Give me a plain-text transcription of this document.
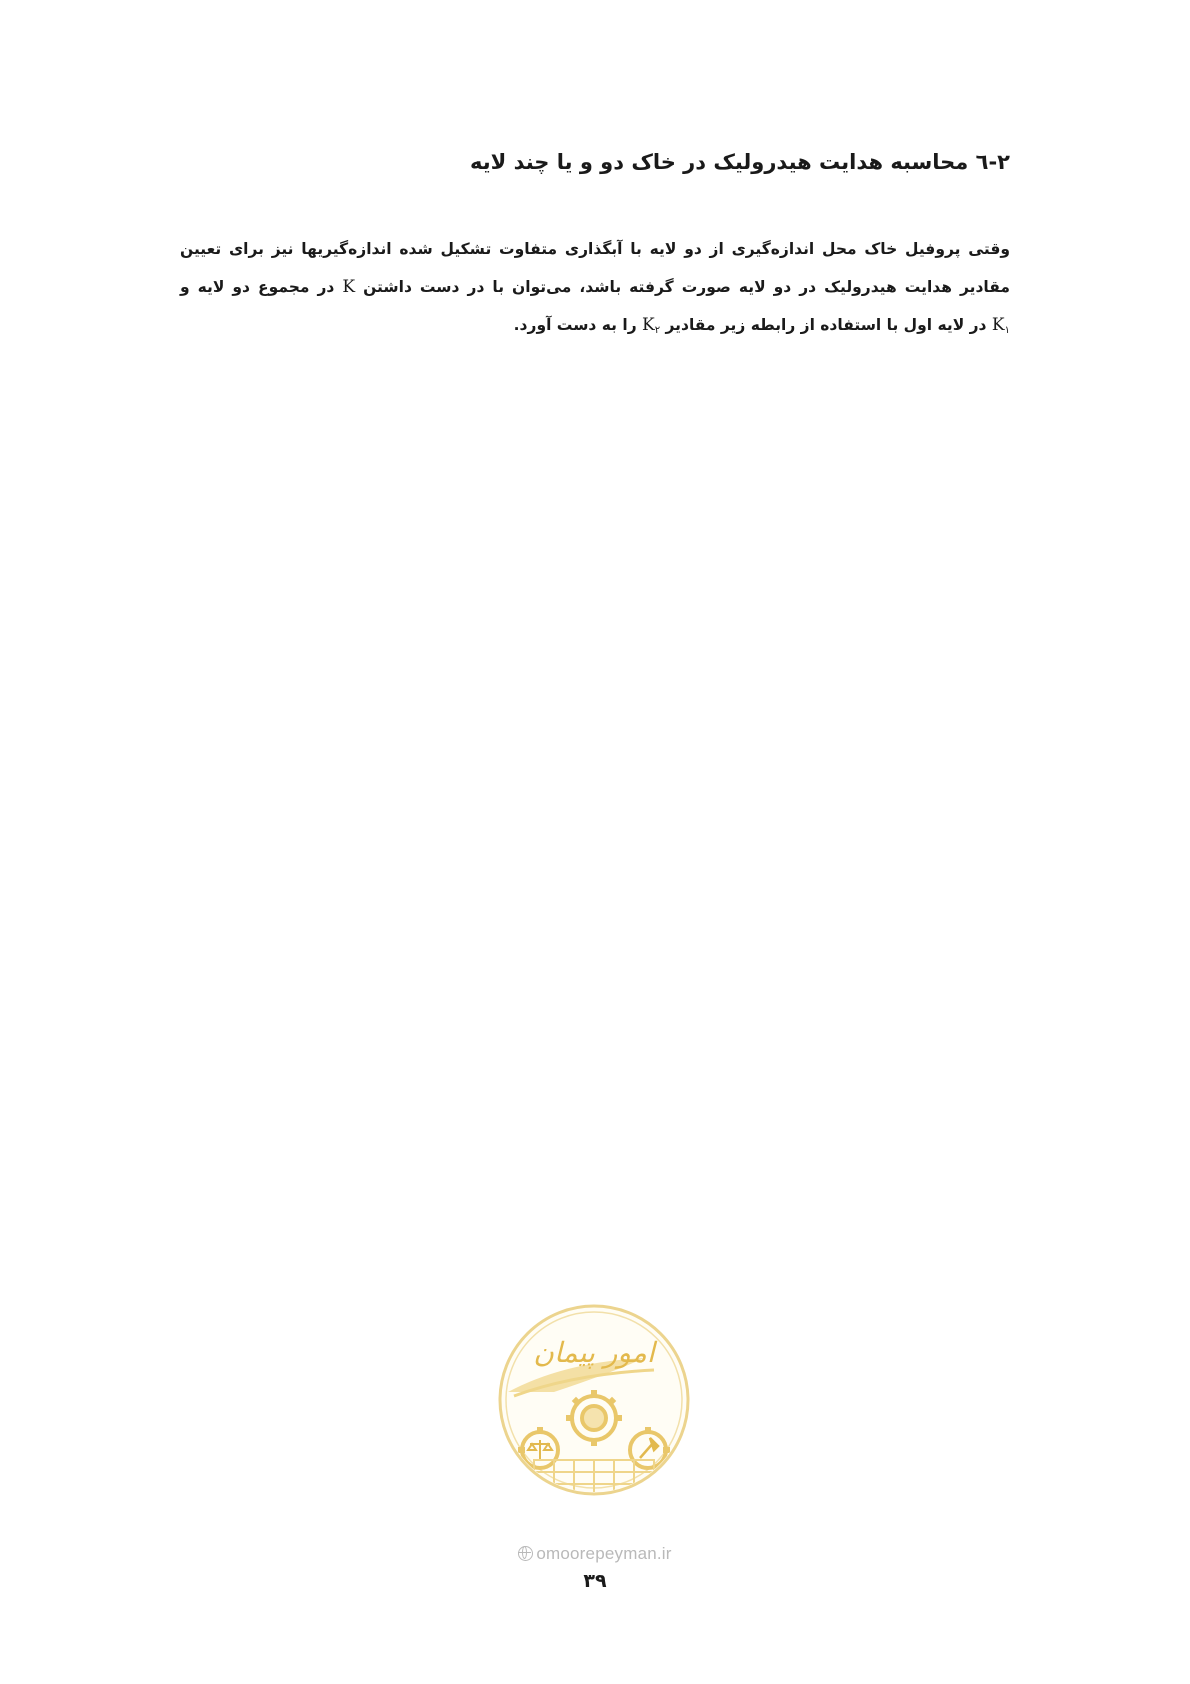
٢-٦ محاسبه هدایت هیدرولیک در خاک دو و یا چند لایه
وقتی پروفیل خاک محل اندازه‌گیری از دو لایه با آبگذاری متفاوت تشکیل شده اندازه‌گیریها نیز برای تعیین
مقادیر هدایت هیدرولیک در دو لایه صورت گرفته باشد، می‌توان با در دست داشتن K در مجموع دو لایه و
$K_١$ در لایه اول با استفاده از رابطه زیر مقادیر $K_٢$ را به دست آورد.
امور پیمان
omoorepeyman.ir
۳۹
